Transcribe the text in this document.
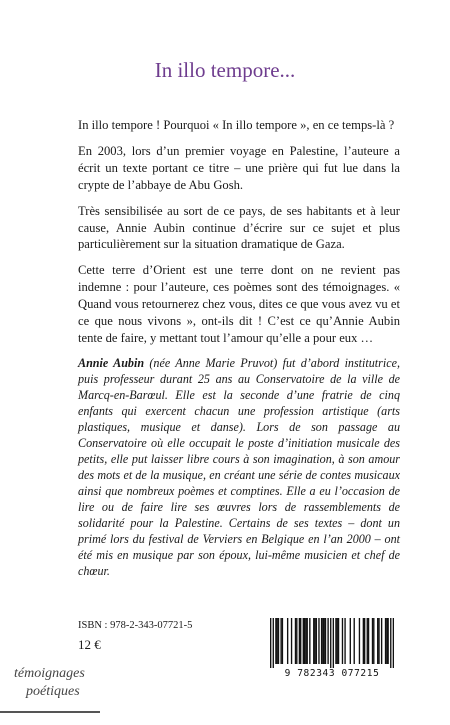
In illo tempore...

In illo tempore ! Pourquoi « In illo tempore », en ce temps-là ?

En 2003, lors d’un premier voyage en Palestine, l’auteure a écrit un texte portant ce titre – une prière qui fut lue dans la crypte de l’abbaye de Abu Gosh.

Très sensibilisée au sort de ce pays, de ses habitants et à leur cause, Annie Aubin continue d’écrire sur ce sujet et plus particulièrement sur la situation dramatique de Gaza.

Cette terre d’Orient est une terre dont on ne revient pas indemne : pour l’auteure, ces poèmes sont des témoignages. « Quand vous retournerez chez vous, dites ce que vous avez vu et ce que nous vivons », ont-ils dit ! C’est ce qu’Annie Aubin tente de faire, y mettant tout l’amour qu’elle a pour eux …

Annie Aubin (née Anne Marie Pruvot) fut d’abord institutrice, puis professeur durant 25 ans au Conservatoire de la ville de Marcq-en-Barœul. Elle est la seconde d’une fratrie de cinq enfants qui exercent chacun une profession artistique (arts plastiques, musique et danse). Lors de son passage au Conservatoire où elle occupait le poste d’initiation musicale des petits, elle put laisser libre cours à son imagination, à son amour des mots et de la musique, en créant une série de contes musicaux ainsi que nombreux poèmes et comptines. Elle a eu l’occasion de lire ou de faire lire ses œuvres lors de rassemblements de solidarité pour la Palestine. Certains de ses textes – dont un primé lors du festival de Verviers en Belgique en l’an 2000 – ont été mis en musique par son époux, lui-même musicien et chef de chœur.
ISBN : 978-2-343-07721-5
12 €
témoignages
poétiques
9 782343 077215
